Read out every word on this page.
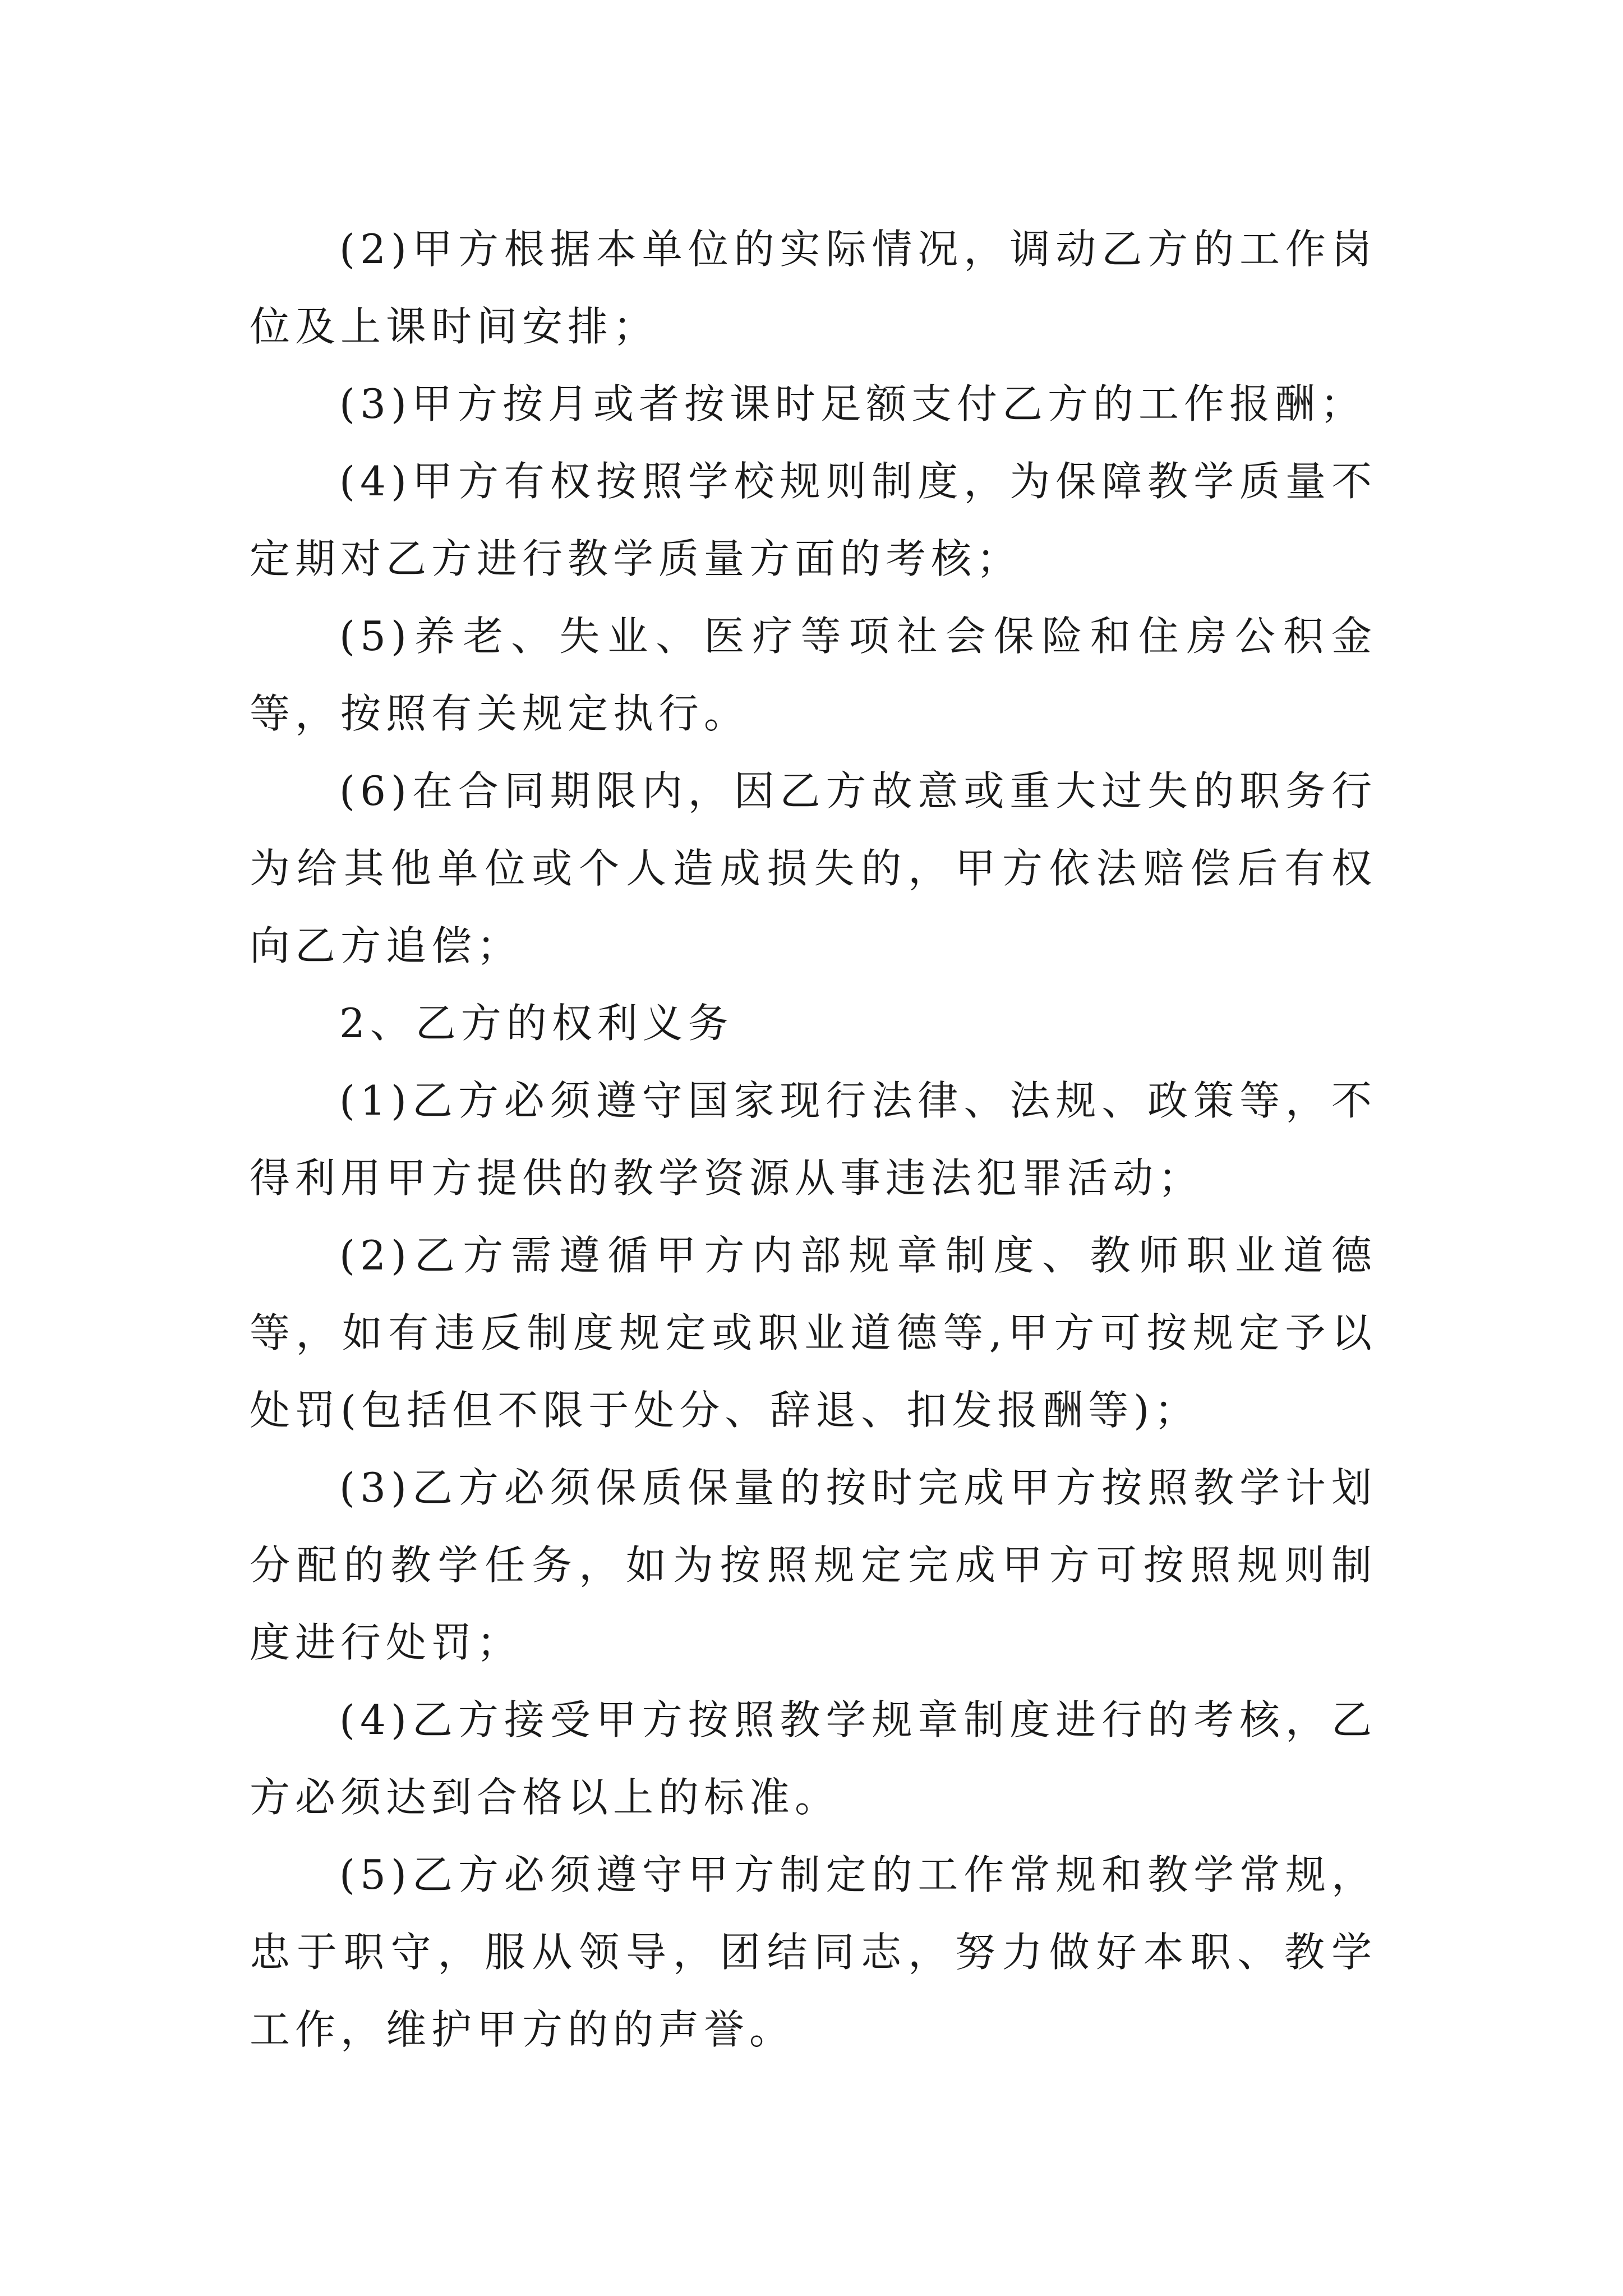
(2)甲方根据本单位的实际情况，调动乙方的工作岗位及上课时间安排；

(3)甲方按月或者按课时足额支付乙方的工作报酬；

(4)甲方有权按照学校规则制度，为保障教学质量不定期对乙方进行教学质量方面的考核；

(5)养老、失业、医疗等项社会保险和住房公积金等，按照有关规定执行。

(6)在合同期限内，因乙方故意或重大过失的职务行为给其他单位或个人造成损失的，甲方依法赔偿后有权向乙方追偿；

2、乙方的权利义务

(1)乙方必须遵守国家现行法律、法规、政策等，不得利用甲方提供的教学资源从事违法犯罪活动；

(2)乙方需遵循甲方内部规章制度、教师职业道德等，如有违反制度规定或职业道德等,甲方可按规定予以处罚(包括但不限于处分、辞退、扣发报酬等)；

(3)乙方必须保质保量的按时完成甲方按照教学计划分配的教学任务，如为按照规定完成甲方可按照规则制度进行处罚；

(4)乙方接受甲方按照教学规章制度进行的考核，乙方必须达到合格以上的标准。

(5)乙方必须遵守甲方制定的工作常规和教学常规，忠于职守，服从领导，团结同志，努力做好本职、教学工作，维护甲方的的声誉。
